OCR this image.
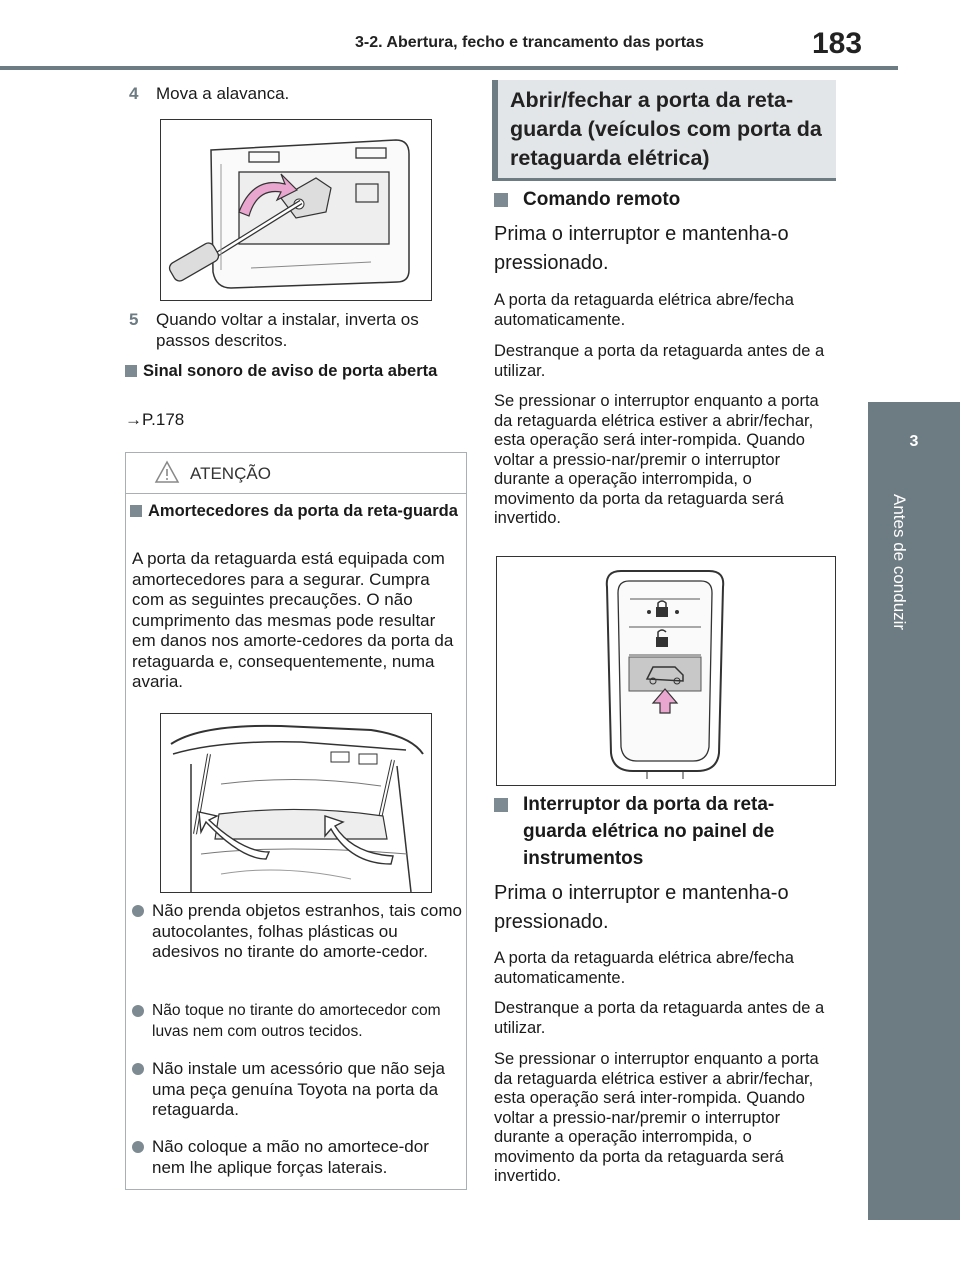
3-2. Abertura, fecho e trancamento das portas	183
3
Antes de conduzir
4 Mova a alavanca.
5 Quando voltar a instalar, inverta os passos descritos.
Sinal sonoro de aviso de porta aberta
→P.178
ATENÇÃO
Amortecedores da porta da reta-guarda
A porta da retaguarda está equipada com amortecedores para a segurar. Cumpra com as seguintes precauções. O não cumprimento das mesmas pode resultar em danos nos amorte-cedores da porta da retaguarda e, consequentemente, numa avaria.
Não prenda objetos estranhos, tais como autocolantes, folhas plásticas ou adesivos no tirante do amorte-cedor.
Não toque no tirante do amortecedor com luvas nem com outros tecidos.
Não instale um acessório que não seja uma peça genuína Toyota na porta da retaguarda.
Não coloque a mão no amortece-dor nem lhe aplique forças laterais.
Abrir/fechar a porta da reta-guarda (veículos com porta da retaguarda elétrica)
Comando remoto
Prima o interruptor e mantenha-o pressionado.
A porta da retaguarda elétrica abre/fecha automaticamente.
Destranque a porta da retaguarda antes de a utilizar.
Se pressionar o interruptor enquanto a porta da retaguarda elétrica estiver a abrir/fechar, esta operação será inter-rompida. Quando voltar a pressio-nar/premir o interruptor durante a operação interrompida, o movimento da porta da retaguarda será invertido.
Interruptor da porta da reta-guarda elétrica no painel de instrumentos
Prima o interruptor e mantenha-o pressionado.
A porta da retaguarda elétrica abre/fecha automaticamente.
Destranque a porta da retaguarda antes de a utilizar.
Se pressionar o interruptor enquanto a porta da retaguarda elétrica estiver a abrir/fechar, esta operação será inter-rompida. Quando voltar a pressio-nar/premir o interruptor durante a operação interrompida, o movimento da porta da retaguarda será invertido.
